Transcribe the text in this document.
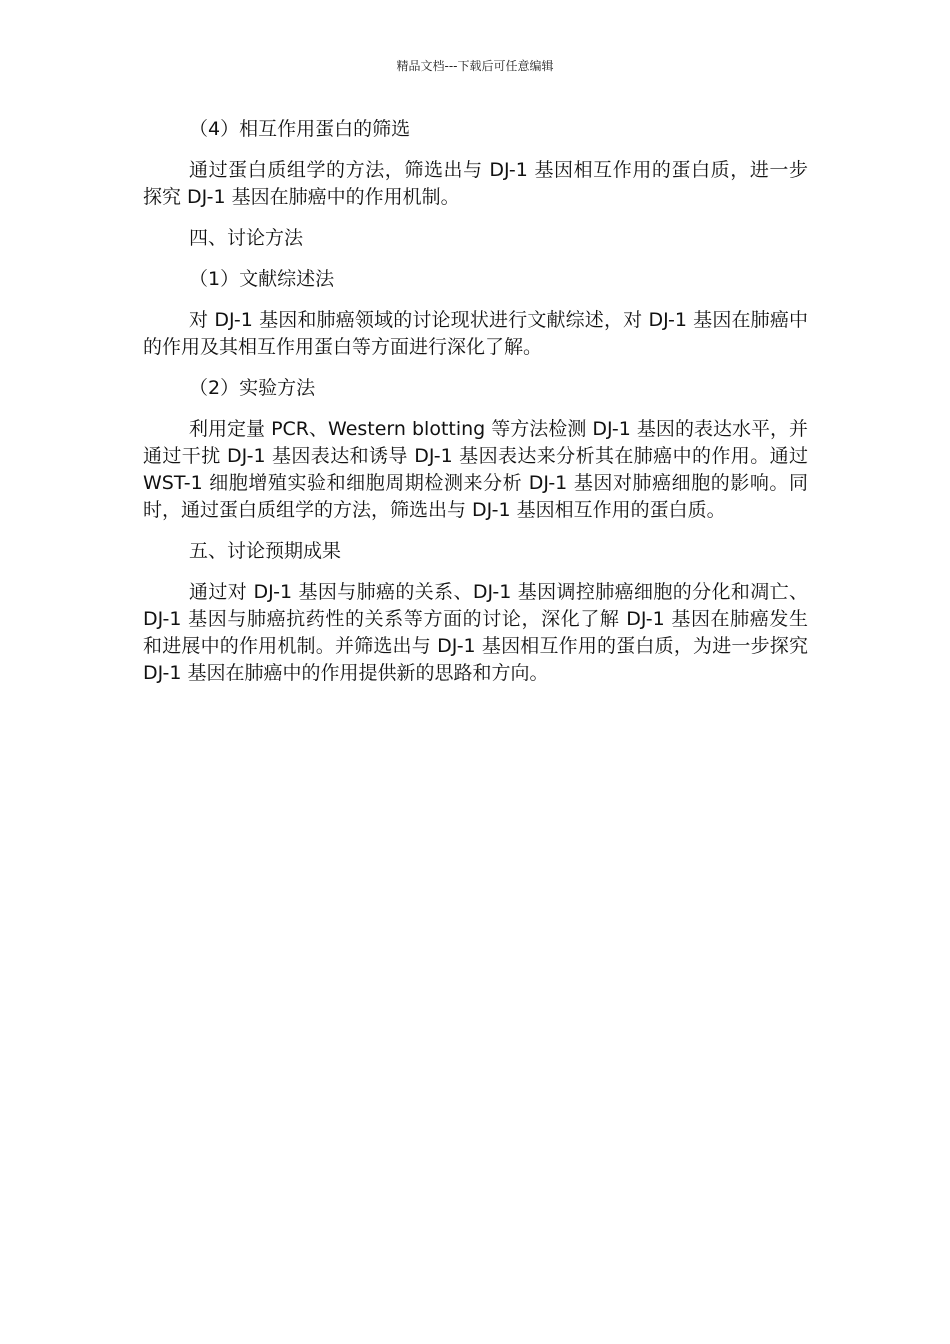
精品文档---下载后可任意编辑

（4）相互作用蛋白的筛选

通过蛋白质组学的方法，筛选出与 DJ-1 基因相互作用的蛋白质，进一步探究 DJ-1 基因在肺癌中的作用机制。

四、讨论方法

（1）文献综述法

对 DJ-1 基因和肺癌领域的讨论现状进行文献综述，对 DJ-1 基因在肺癌中的作用及其相互作用蛋白等方面进行深化了解。

（2）实验方法

利用定量 PCR、Western blotting 等方法检测 DJ-1 基因的表达水平，并通过干扰 DJ-1 基因表达和诱导 DJ-1 基因表达来分析其在肺癌中的作用。通过 WST-1 细胞增殖实验和细胞周期检测来分析 DJ-1 基因对肺癌细胞的影响。同时，通过蛋白质组学的方法，筛选出与 DJ-1 基因相互作用的蛋白质。

五、讨论预期成果

通过对 DJ-1 基因与肺癌的关系、DJ-1 基因调控肺癌细胞的分化和凋亡、DJ-1 基因与肺癌抗药性的关系等方面的讨论，深化了解 DJ-1 基因在肺癌发生和进展中的作用机制。并筛选出与 DJ-1 基因相互作用的蛋白质，为进一步探究 DJ-1 基因在肺癌中的作用提供新的思路和方向。
